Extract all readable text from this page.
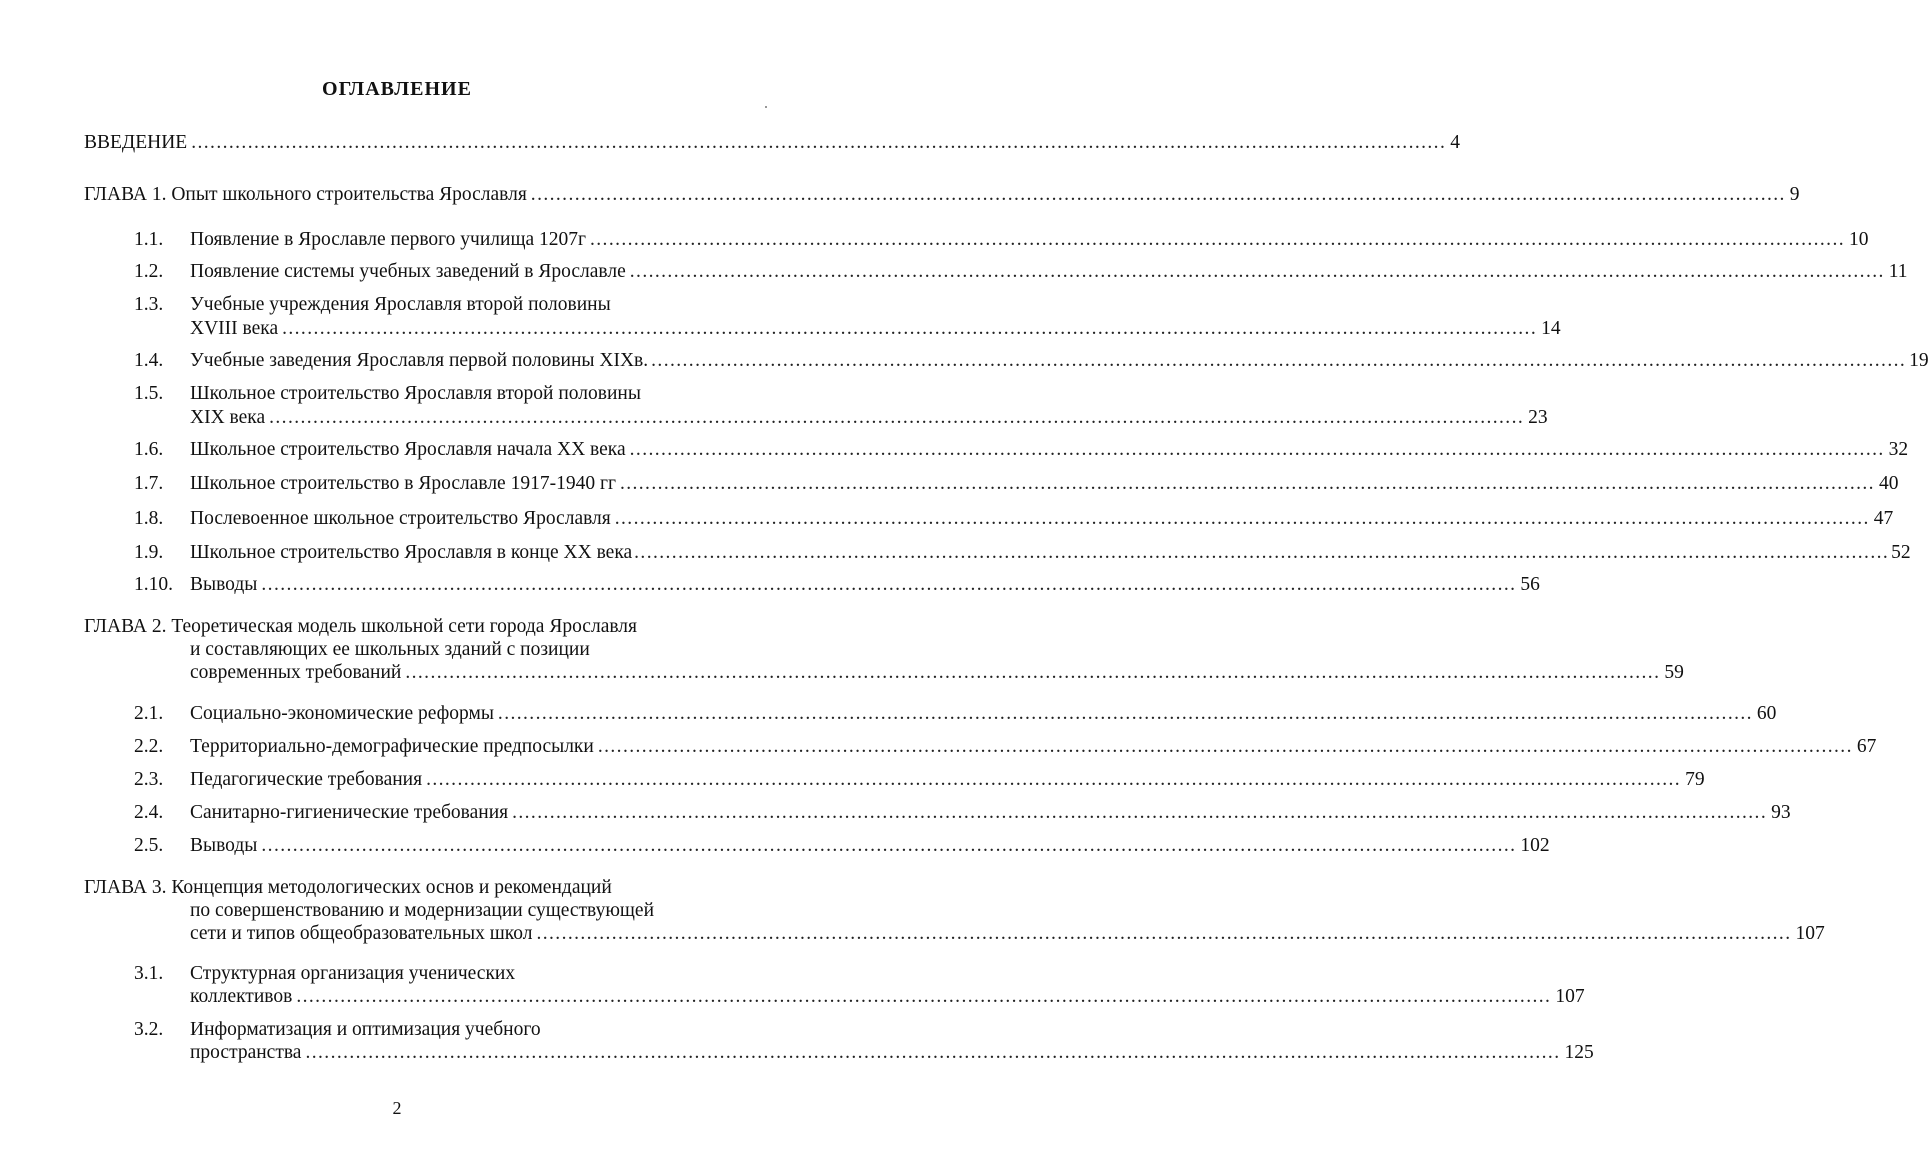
ОГЛАВЛЕНИЕ
ВВЕДЕНИЕ ........................................................................................................................................................................................................ 4
ГЛАВА 1. Опыт школьного строительства Ярославля ........................................................................................................................................................................................................ 9
1.1. Появление в Ярославле первого училища 1207г ........................................................................................................................................................................................................ 10
1.2. Появление системы учебных заведений в Ярославле ........................................................................................................................................................................................................ 11
1.3. Учебные учреждения Ярославля второй половины
XVIII века ........................................................................................................................................................................................................ 14
1.4. Учебные заведения Ярославля первой половины XIXв. ........................................................................................................................................................................................................ 19
1.5. Школьное строительство Ярославля второй половины
XIX века ........................................................................................................................................................................................................ 23
1.6. Школьное строительство Ярославля начала XX века ........................................................................................................................................................................................................ 32
1.7. Школьное строительство в Ярославле 1917-1940 гг ........................................................................................................................................................................................................ 40
1.8. Послевоенное школьное строительство Ярославля ........................................................................................................................................................................................................ 47
1.9. Школьное строительство Ярославля в конце XX века ........................................................................................................................................................................................................ 52
1.10. Выводы ........................................................................................................................................................................................................ 56
ГЛАВА 2. Теоретическая модель школьной сети города Ярославля
и составляющих ее школьных зданий с позиции
современных требований ........................................................................................................................................................................................................ 59
2.1. Социально-экономические реформы ........................................................................................................................................................................................................ 60
2.2. Территориально-демографические предпосылки ........................................................................................................................................................................................................ 67
2.3. Педагогические требования ........................................................................................................................................................................................................ 79
2.4. Санитарно-гигиенические требования ........................................................................................................................................................................................................ 93
2.5. Выводы ........................................................................................................................................................................................................ 102
ГЛАВА 3. Концепция методологических основ и рекомендаций
по совершенствованию и модернизации существующей
сети и типов общеобразовательных школ ........................................................................................................................................................................................................ 107
3.1. Структурная организация ученических
коллективов ........................................................................................................................................................................................................ 107
3.2. Информатизация и оптимизация учебного
пространства ........................................................................................................................................................................................................ 125
2
